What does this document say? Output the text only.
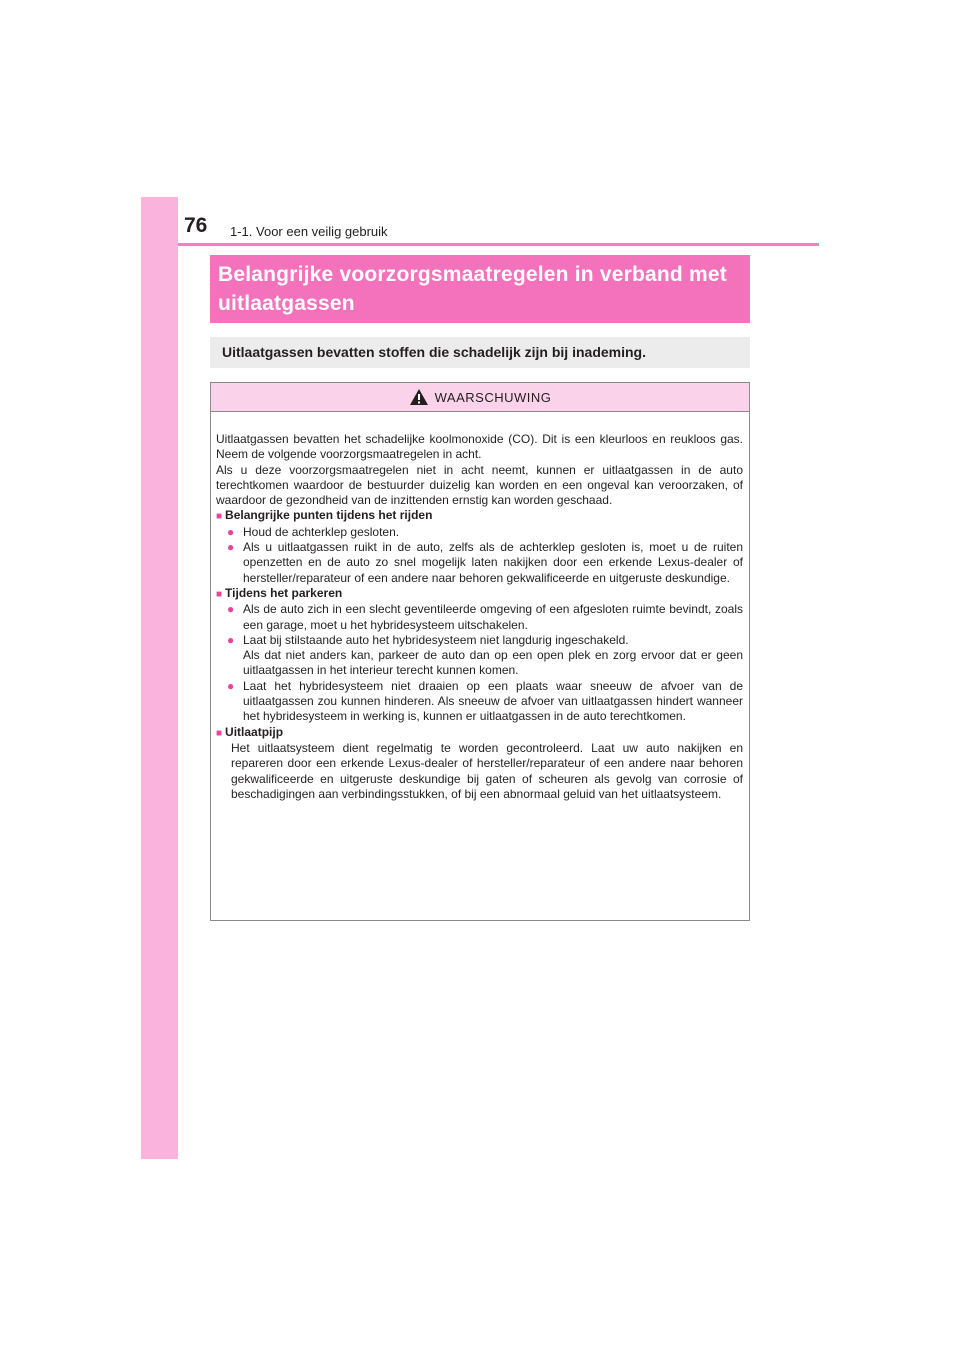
76 1-1. Voor een veilig gebruik
Belangrijke voorzorgsmaatregelen in verband met
uitlaatgassen
Uitlaatgassen bevatten stoffen die schadelijk zijn bij inademing.
WAARSCHUWING

Uitlaatgassen bevatten het schadelijke koolmonoxide (CO). Dit is een kleurloos en reukloos gas. Neem de volgende voorzorgsmaatregelen in acht.

Als u deze voorzorgsmaatregelen niet in acht neemt, kunnen er uitlaatgassen in de auto terechtkomen waardoor de bestuurder duizelig kan worden en een ongeval kan veroorzaken, of waardoor de gezondheid van de inzittenden ernstig kan worden geschaad.

■ Belangrijke punten tijdens het rijden

● Houd de achterklep gesloten.

● Als u uitlaatgassen ruikt in de auto, zelfs als de achterklep gesloten is, moet u de ruiten openzetten en de auto zo snel mogelijk laten nakijken door een erkende Lexus-dealer of hersteller/reparateur of een andere naar behoren gekwalificeerde en uitgeruste deskundige.

■ Tijdens het parkeren

● Als de auto zich in een slecht geventileerde omgeving of een afgesloten ruimte bevindt, zoals een garage, moet u het hybridesysteem uitschakelen.

● Laat bij stilstaande auto het hybridesysteem niet langdurig ingeschakeld.
Als dat niet anders kan, parkeer de auto dan op een open plek en zorg ervoor dat er geen uitlaatgassen in het interieur terecht kunnen komen.

● Laat het hybridesysteem niet draaien op een plaats waar sneeuw de afvoer van de uitlaatgassen zou kunnen hinderen. Als sneeuw de afvoer van uitlaatgassen hindert wanneer het hybridesysteem in werking is, kunnen er uitlaatgassen in de auto terechtkomen.

■ Uitlaatpijp

Het uitlaatsysteem dient regelmatig te worden gecontroleerd. Laat uw auto nakijken en repareren door een erkende Lexus-dealer of hersteller/reparateur of een andere naar behoren gekwalificeerde en uitgeruste deskundige bij gaten of scheuren als gevolg van corrosie of beschadigingen aan verbindingsstukken, of bij een abnormaal geluid van het uitlaatsysteem.
